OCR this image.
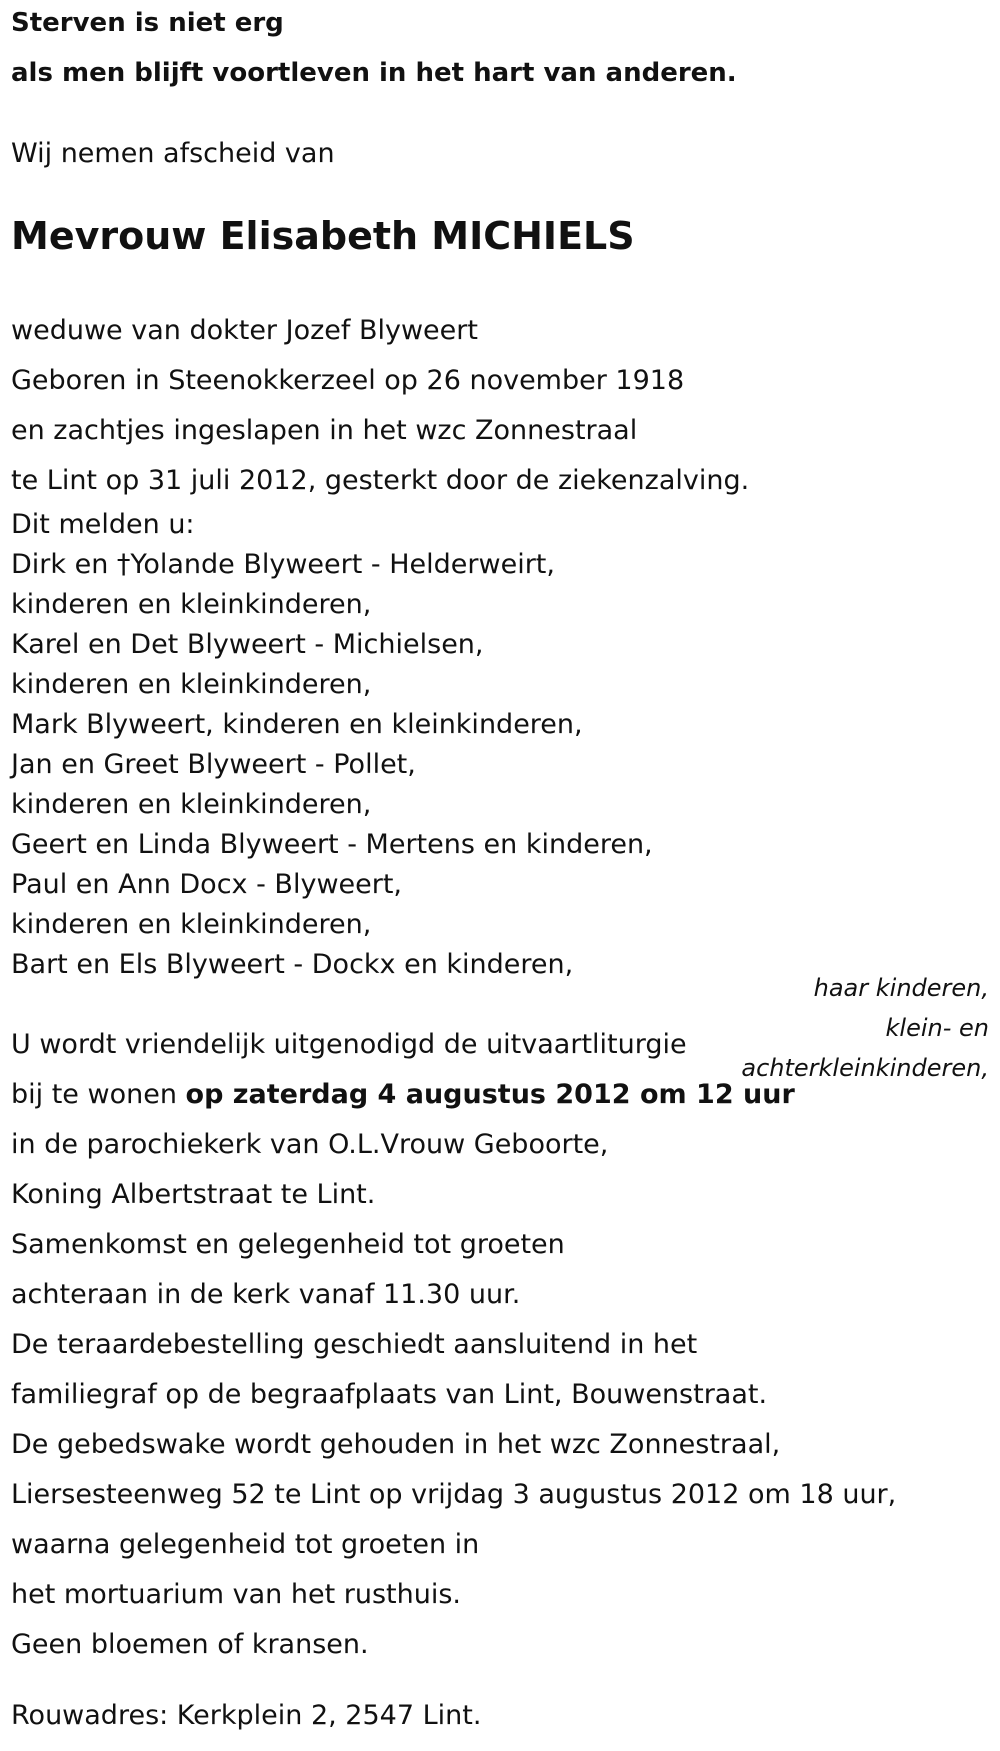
Sterven is niet erg
als men blijft voortleven in het hart van anderen.
Wij nemen afscheid van
Mevrouw Elisabeth MICHIELS
weduwe van dokter Jozef Blyweert
Geboren in Steenokkerzeel op 26 november 1918
en zachtjes ingeslapen in het wzc Zonnestraal
te Lint op 31 juli 2012, gesterkt door de ziekenzalving.
Dit melden u:
Dirk en †Yolande Blyweert - Helderweirt,
kinderen en kleinkinderen,
Karel en Det Blyweert - Michielsen,
kinderen en kleinkinderen,
Mark Blyweert, kinderen en kleinkinderen,
Jan en Greet Blyweert - Pollet,
kinderen en kleinkinderen,
Geert en Linda Blyweert - Mertens en kinderen,
Paul en Ann Docx - Blyweert,
kinderen en kleinkinderen,
Bart en Els Blyweert - Dockx en kinderen,
haar kinderen,
klein- en
achterkleinkinderen,
U wordt vriendelijk uitgenodigd de uitvaartliturgie
bij te wonen op zaterdag 4 augustus 2012 om 12 uur
in de parochiekerk van O.L.Vrouw Geboorte,
Koning Albertstraat te Lint.
Samenkomst en gelegenheid tot groeten
achteraan in de kerk vanaf 11.30 uur.
De teraardebestelling geschiedt aansluitend in het
familiegraf op de begraafplaats van Lint, Bouwenstraat.
De gebedswake wordt gehouden in het wzc Zonnestraal,
Liersesteenweg 52 te Lint op vrijdag 3 augustus 2012 om 18 uur,
waarna gelegenheid tot groeten in
het mortuarium van het rusthuis.
Geen bloemen of kransen.
Rouwadres: Kerkplein 2, 2547 Lint.
